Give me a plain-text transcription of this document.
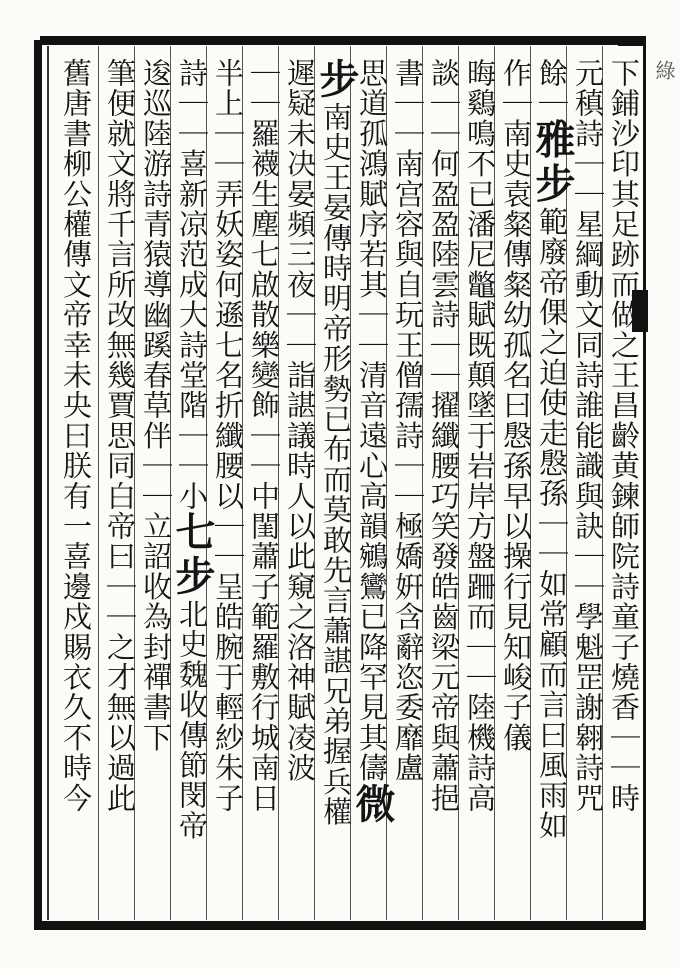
綠
下鋪沙印其足跡而做之王昌齡黄鍊師院詩童子燒香｜｜時
元稹詩｜｜星綱動文同詩誰能識與訣｜｜學魁罡謝翱詩咒
餘｜雅步範廢帝倮之迫使走慇孫｜｜如常顧而言曰風雨如
作｜南史袁粲傳粲幼孤名曰慇孫早以操行見知峻子儀
晦鷄鳴不已潘尼鼈賦既顛墜于岩岸方盤跚而｜｜陸機詩高
談｜｜何盈盈陸雲詩｜｜擢纖腰巧笑發皓齒梁元帝與蕭挹
書｜｜南宫容與自玩王僧孺詩｜｜極嬌姸含辭恣委靡盧
思道孤鴻賦序若其｜｜清音遠心高韻鵷鸞已降罕見其儔微
步南史王晏傳時明帝形勢已布而莫敢先言蕭諶兄弟握兵權
遲疑未决晏頻三夜｜｜詣諶議時人以此窺之洛神賦凌波
｜｜羅襪生塵七啟散樂變飾｜｜中閨蕭子範羅敷行城南日
半上｜｜弄妖姿何遜七名折纖腰以｜｜呈皓腕于輕紗朱子
詩｜｜喜新凉范成大詩堂階｜｜小七步北史魏收傳節閔帝
逡巡陸游詩青猿導幽蹊春草伴｜｜立詔收為封禪書下
筆便就文將千言所改無幾賈思同白帝曰｜｜之才無以過此
舊唐書柳公權傳文帝幸未央曰朕有一喜邊戍賜衣久不時今
